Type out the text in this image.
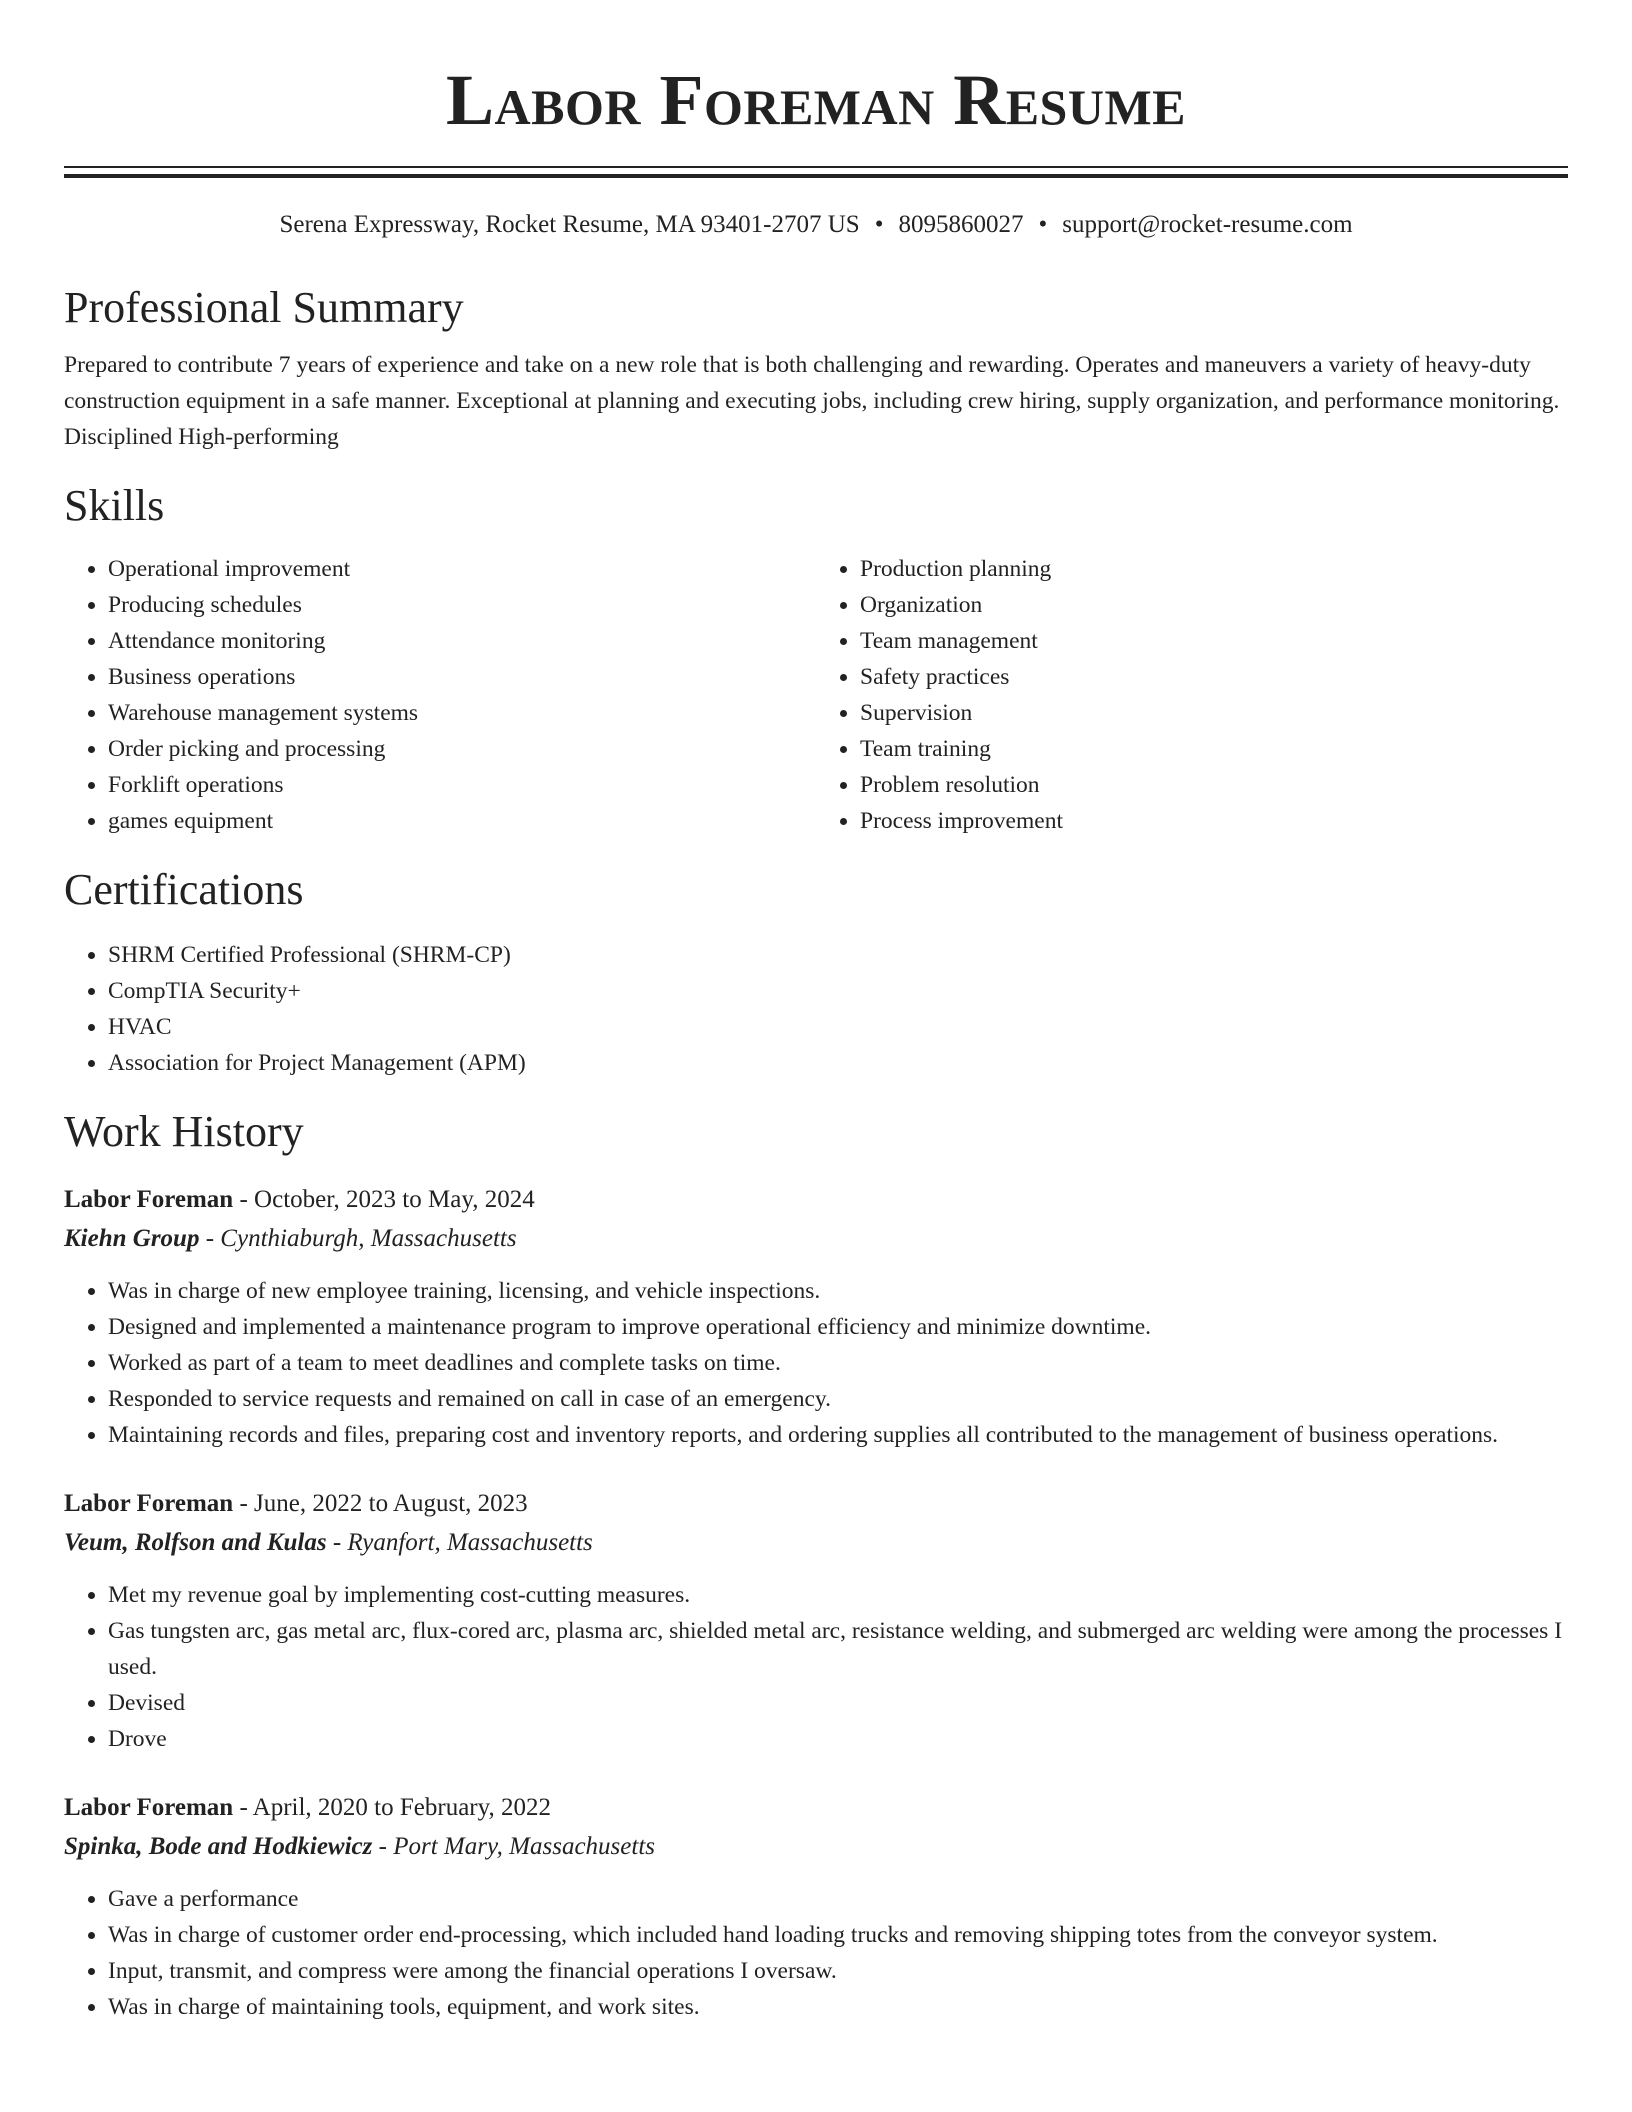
Labor Foreman Resume
Serena Expressway, Rocket Resume, MA 93401-2707 US • 8095860027 • support@rocket-resume.com
Professional Summary

Prepared to contribute 7 years of experience and take on a new role that is both challenging and rewarding. Operates and maneuvers a variety of heavy-duty construction equipment in a safe manner. Exceptional at planning and executing jobs, including crew hiring, supply organization, and performance monitoring. Disciplined High-performing

Skills
• Operational improvement
• Producing schedules
• Attendance monitoring
• Business operations
• Warehouse management systems
• Order picking and processing
• Forklift operations
• games equipment
• Production planning
• Organization
• Team management
• Safety practices
• Supervision
• Team training
• Problem resolution
• Process improvement
Certifications
• SHRM Certified Professional (SHRM-CP)
• CompTIA Security+
• HVAC
• Association for Project Management (APM)
Work History
Labor Foreman - October, 2023 to May, 2024
Kiehn Group - Cynthiaburgh, Massachusetts
• Was in charge of new employee training, licensing, and vehicle inspections.
• Designed and implemented a maintenance program to improve operational efficiency and minimize downtime.
• Worked as part of a team to meet deadlines and complete tasks on time.
• Responded to service requests and remained on call in case of an emergency.
• Maintaining records and files, preparing cost and inventory reports, and ordering supplies all contributed to the management of business operations.
Labor Foreman - June, 2022 to August, 2023
Veum, Rolfson and Kulas - Ryanfort, Massachusetts
• Met my revenue goal by implementing cost-cutting measures.
• Gas tungsten arc, gas metal arc, flux-cored arc, plasma arc, shielded metal arc, resistance welding, and submerged arc welding were among the processes I used.
• Devised
• Drove
Labor Foreman - April, 2020 to February, 2022
Spinka, Bode and Hodkiewicz - Port Mary, Massachusetts
• Gave a performance
• Was in charge of customer order end-processing, which included hand loading trucks and removing shipping totes from the conveyor system.
• Input, transmit, and compress were among the financial operations I oversaw.
• Was in charge of maintaining tools, equipment, and work sites.
